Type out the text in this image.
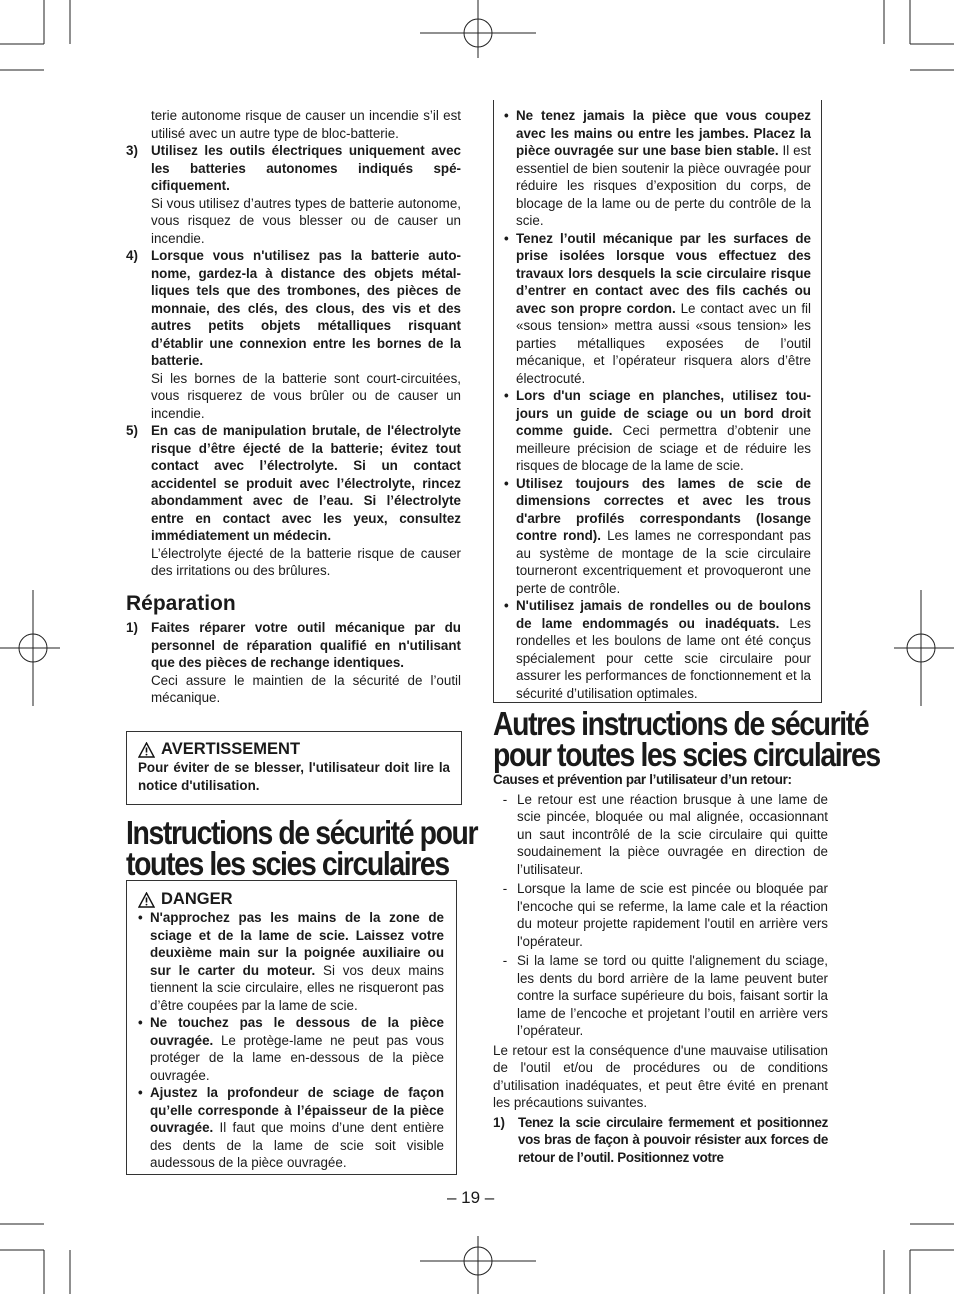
terie autonome risque de causer un incendie s’il est utilisé avec un autre type de bloc-batterie.
3) Utilisez les outils électriques uniquement avec les batteries autonomes indiqués spécifiquement.
Si vous utilisez d’autres types de batterie autonome, vous risquez de vous blesser ou de causer un incendie.
4) Lorsque vous n'utilisez pas la batterie autonome, gardez-la à distance des objets métalliques tels que des trombones, des pièces de monnaie, des clés, des clous, des vis et des autres petits objets métalliques risquant d’établir une connexion entre les bornes de la batterie.
Si les bornes de la batterie sont court-circuitées, vous risquerez de vous brûler ou de causer un incendie.
5) En cas de manipulation brutale, de l'électrolyte risque d’être éjecté de la batterie; évitez tout contact avec l’électrolyte. Si un contact accidentel se produit avec l’électrolyte, rincez abondamment avec de l’eau. Si l’électrolyte entre en contact avec les yeux, consultez immédiatement un médecin.
L’électrolyte éjecté de la batterie risque de causer des irritations ou des brûlures.
Réparation
1) Faites réparer votre outil mécanique par du personnel de réparation qualifié en n'utilisant que des pièces de rechange identiques.
Ceci assure le maintien de la sécurité de l’outil mécanique.
AVERTISSEMENT
Pour éviter de se blesser, l'utilisateur doit lire la notice d'utilisation.
Instructions de sécurité pour
toutes les scies circulaires
DANGER
• N'approchez pas les mains de la zone de sciage et de la lame de scie. Laissez votre deuxième main sur la poignée auxiliaire ou sur le carter du moteur. Si vos deux mains tiennent la scie circulaire, elles ne risqueront pas d’être coupées par la lame de scie.
• Ne touchez pas le dessous de la pièce ouvragée. Le protège-lame ne peut pas vous protéger de la lame en-dessous de la pièce ouvragée.
• Ajustez la profondeur de sciage de façon qu’elle corresponde à l’épaisseur de la pièce ouvragée. Il faut que moins d’une dent entière des dents de la lame de scie soit visible audessous de la pièce ouvragée.
• Ne tenez jamais la pièce que vous coupez avec les mains ou entre les jambes. Placez la pièce ouvragée sur une base bien stable. Il est essentiel de bien soutenir la pièce ouvragée pour réduire les risques d’exposition du corps, de blocage de la lame ou de perte du contrôle de la scie.
• Tenez l’outil mécanique par les surfaces de prise isolées lorsque vous effectuez des travaux lors desquels la scie circulaire risque d’entrer en contact avec des fils cachés ou avec son propre cordon. Le contact avec un fil «sous tension» mettra aussi «sous tension» les parties métalliques exposées de l’outil mécanique, et l’opérateur risquera alors d’être électrocuté.
• Lors d'un sciage en planches, utilisez toujours un guide de sciage ou un bord droit comme guide. Ceci permettra d’obtenir une meilleure précision de sciage et de réduire les risques de blocage de la lame de scie.
• Utilisez toujours des lames de scie de dimensions correctes et avec les trous d'arbre profilés correspondants (losange contre rond). Les lames ne correspondant pas au système de montage de la scie circulaire tourneront excentriquement et provoqueront une perte de contrôle.
• N'utilisez jamais de rondelles ou de boulons de lame endommagés ou inadéquats. Les rondelles et les boulons de lame ont été conçus spécialement pour cette scie circulaire pour assurer les performances de fonctionnement et la sécurité d’utilisation optimales.
Autres instructions de sécurité
pour toutes les scies circulaires
Causes et prévention par l’utilisateur d’un retour:
- Le retour est une réaction brusque à une lame de scie pincée, bloquée ou mal alignée, occasionnant un saut incontrôlé de la scie circulaire qui quitte soudainement la pièce ouvragée en direction de l’utilisateur.
- Lorsque la lame de scie est pincée ou bloquée par l'encoche qui se referme, la lame cale et la réaction du moteur projette rapidement l'outil en arrière vers l'opérateur.
- Si la lame se tord ou quitte l'alignement du sciage, les dents du bord arrière de la lame peuvent buter contre la surface supérieure du bois, faisant sortir la lame de l’encoche et projetant l’outil en arrière vers l’opérateur.
Le retour est la conséquence d'une mauvaise utilisation de l'outil et/ou de procédures ou de conditions d’utilisation inadéquates, et peut être évité en prenant les précautions suivantes.
1) Tenez la scie circulaire fermement et positionnez vos bras de façon à pouvoir résister aux forces de retour de l’outil. Positionnez votre
– 19 –
